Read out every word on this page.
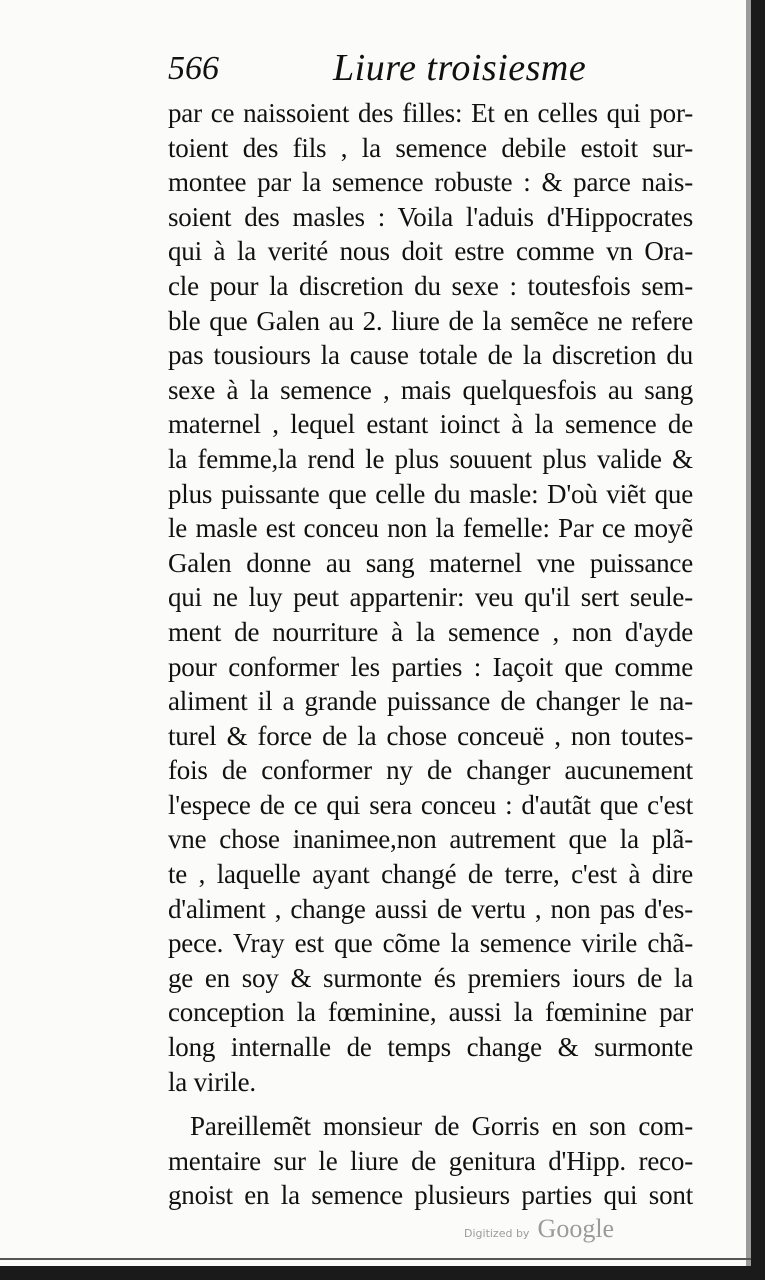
566	Liure troisiesme
par ce naissoient des filles: Et en celles qui por-
toient des fils , la semence debile estoit sur-
montee par la semence robuste : & parce nais-
soient des masles : Voila l'aduis d'Hippocrates
qui à la verité nous doit estre comme vn Ora-
cle pour la discretion du sexe : toutesfois sem-
ble que Galen au 2. liure de la semẽce ne refere
pas tousiours la cause totale de la discretion du
sexe à la semence , mais quelquesfois au sang
maternel , lequel estant ioinct à la semence de
la femme,la rend le plus souuent plus valide &
plus puissante que celle du masle: D'où viẽt que
le masle est conceu non la femelle: Par ce moyẽ
Galen donne au sang maternel vne puissance
qui ne luy peut appartenir: veu qu'il sert seule-
ment de nourriture à la semence , non d'ayde
pour conformer les parties : Iaçoit que comme
aliment il a grande puissance de changer le na-
turel & force de la chose conceuë , non toutes-
fois de conformer ny de changer aucunement
l'espece de ce qui sera conceu : d'autãt que c'est
vne chose inanimee,non autrement que la plã-
te , laquelle ayant changé de terre, c'est à dire
d'aliment , change aussi de vertu , non pas d'es-
pece. Vray est que cõme la semence virile chã-
ge en soy & surmonte és premiers iours de la
conception la fœminine, aussi la fœminine par
long internalle de temps change & surmonte
la virile.
Pareillemẽt monsieur de Gorris en son com-
mentaire sur le liure de genitura d'Hipp. reco-
gnoist en la semence plusieurs parties qui sont
Digitized by Google
